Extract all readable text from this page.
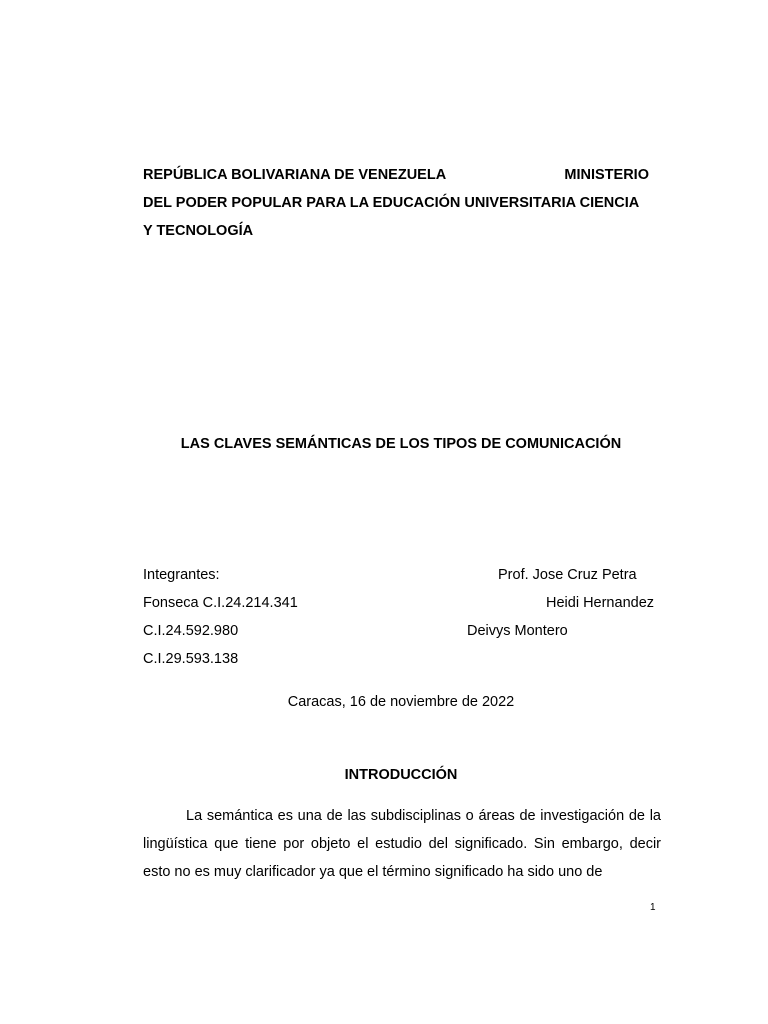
REPÚBLICA BOLIVARIANA DE VENEZUELA	MINISTERIO
DEL PODER POPULAR PARA LA EDUCACIÓN UNIVERSITARIA CIENCIA
Y TECNOLOGÍA
LAS CLAVES SEMÁNTICAS DE LOS TIPOS DE COMUNICACIÓN
Integrantes:	Prof. Jose Cruz Petra
Fonseca C.I.24.214.341	Heidi Hernandez
C.I.24.592.980	Deivys Montero
C.I.29.593.138
Caracas, 16 de noviembre de 2022
INTRODUCCIÓN
La semántica es una de las subdisciplinas o áreas de investigación de la lingüística que tiene por objeto el estudio del significado. Sin embargo, decir esto no es muy clarificador ya que el término significado ha sido uno de
1
